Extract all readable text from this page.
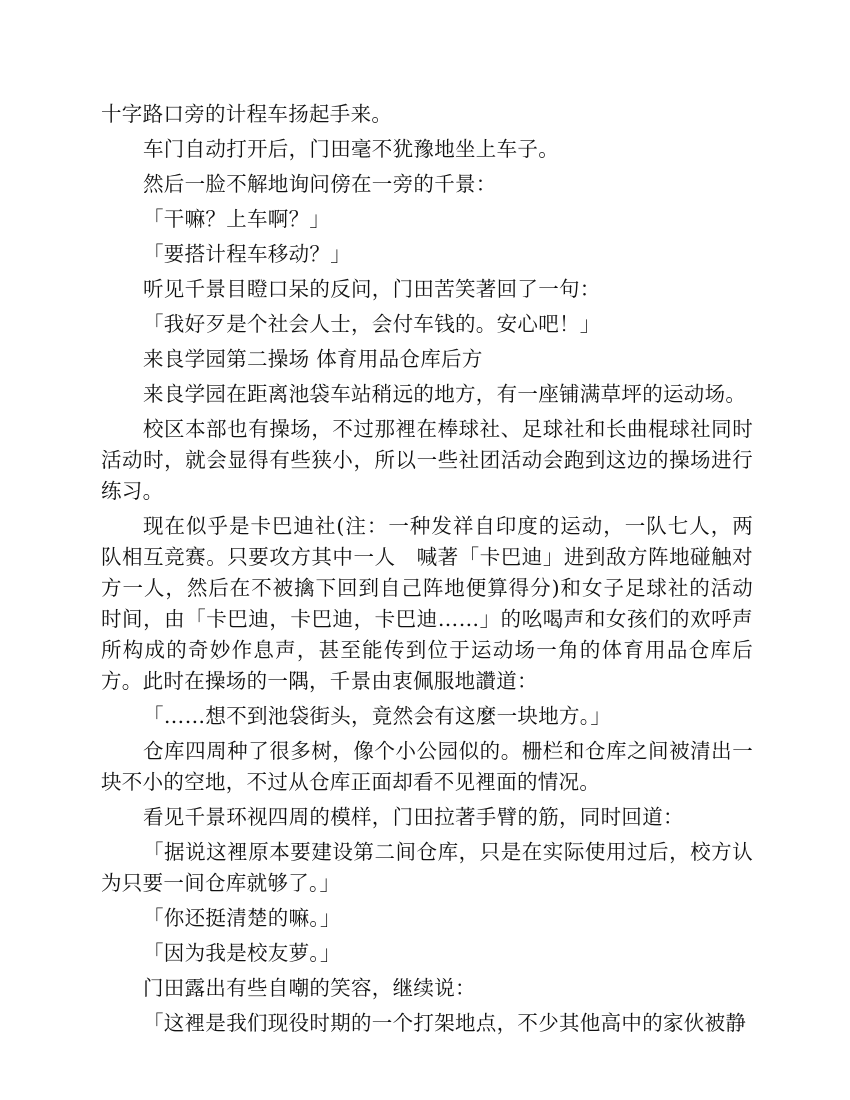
十字路口旁的计程车扬起手来。

车门自动打开后，门田毫不犹豫地坐上车子。

然后一脸不解地询问傍在一旁的千景：

「干嘛？上车啊？」

「要搭计程车移动？」

听见千景目瞪口呆的反问，门田苦笑著回了一句：

「我好歹是个社会人士，会付车钱的。安心吧！」

来良学园第二操场 体育用品仓库后方

来良学园在距离池袋车站稍远的地方，有一座铺满草坪的运动场。

校区本部也有操场，不过那裡在棒球社、足球社和长曲棍球社同时活动时，就会显得有些狭小，所以一些社团活动会跑到这边的操场进行练习。

现在似乎是卡巴迪社(注：一种发祥自印度的运动，一队七人，两队相互竞赛。只要攻方其中一人　喊著「卡巴迪」进到敌方阵地碰触对方一人，然后在不被擒下回到自己阵地便算得分)和女子足球社的活动时间，由「卡巴迪，卡巴迪，卡巴迪……」的吆喝声和女孩们的欢呼声所构成的奇妙作息声，甚至能传到位于运动场一角的体育用品仓库后方。此时在操场的一隅，千景由衷佩服地讚道：

「……想不到池袋街头，竟然会有这麼一块地方。」

仓库四周种了很多树，像个小公园似的。栅栏和仓库之间被清出一块不小的空地，不过从仓库正面却看不见裡面的情况。

看见千景环视四周的模样，门田拉著手臂的筋，同时回道：

「据说这裡原本要建设第二间仓库，只是在实际使用过后，校方认为只要一间仓库就够了。」

「你还挺清楚的嘛。」

「因为我是校友萝。」

门田露出有些自嘲的笑容，继续说：

「这裡是我们现役时期的一个打架地点，不少其他高中的家伙被静
